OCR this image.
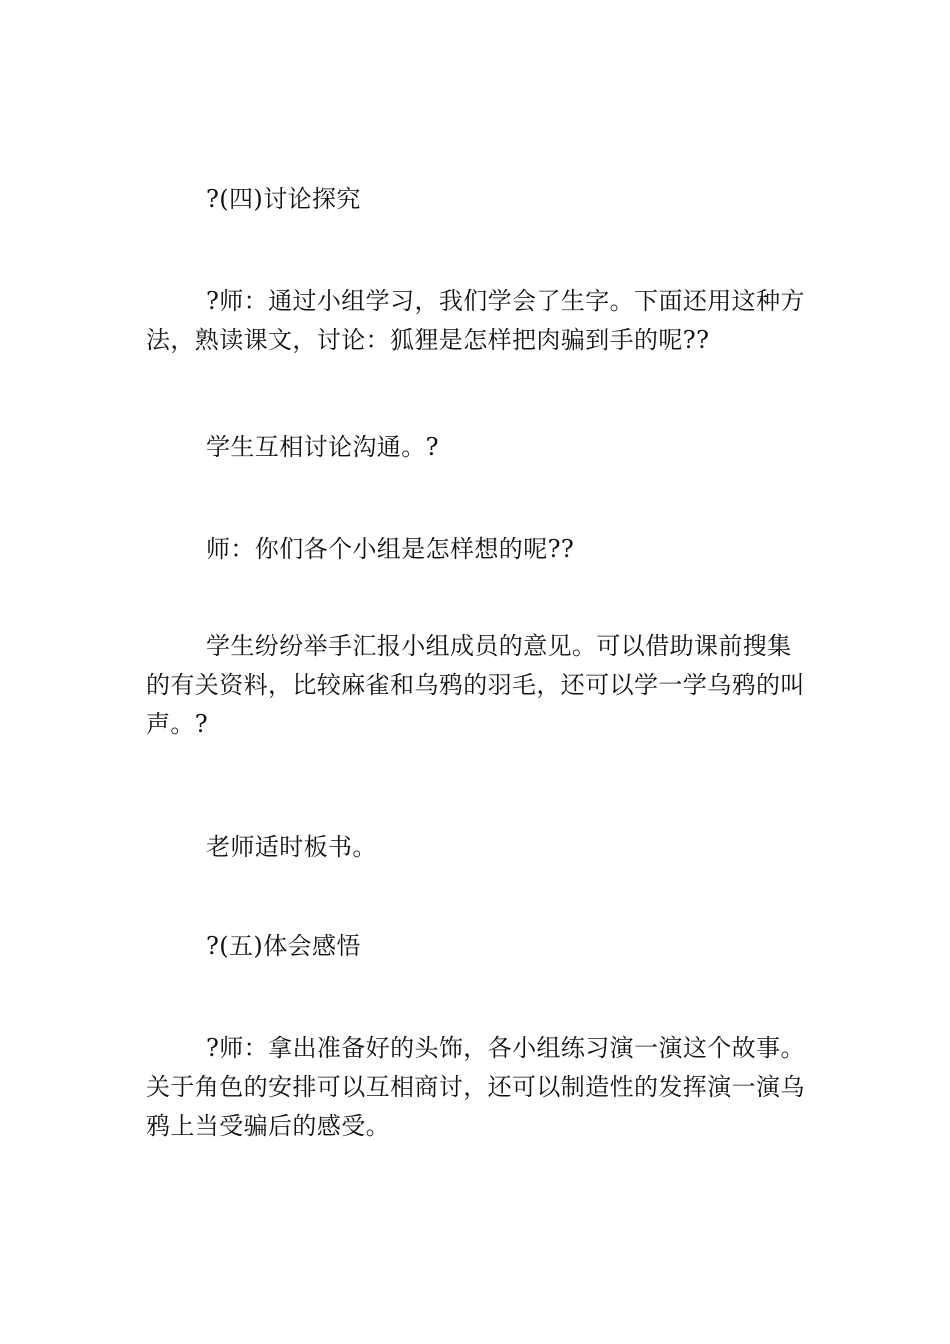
?(四)讨论探究

?师：通过小组学习，我们学会了生字。下面还用这种方法，熟读课文，讨论：狐狸是怎样把肉骗到手的呢??

学生互相讨论沟通。?

师：你们各个小组是怎样想的呢??

学生纷纷举手汇报小组成员的意见。可以借助课前搜集的有关资料，比较麻雀和乌鸦的羽毛，还可以学一学乌鸦的叫声。?

老师适时板书。

?(五)体会感悟

?师：拿出准备好的头饰，各小组练习演一演这个故事。关于角色的安排可以互相商讨，还可以制造性的发挥演一演乌鸦上当受骗后的感受。
